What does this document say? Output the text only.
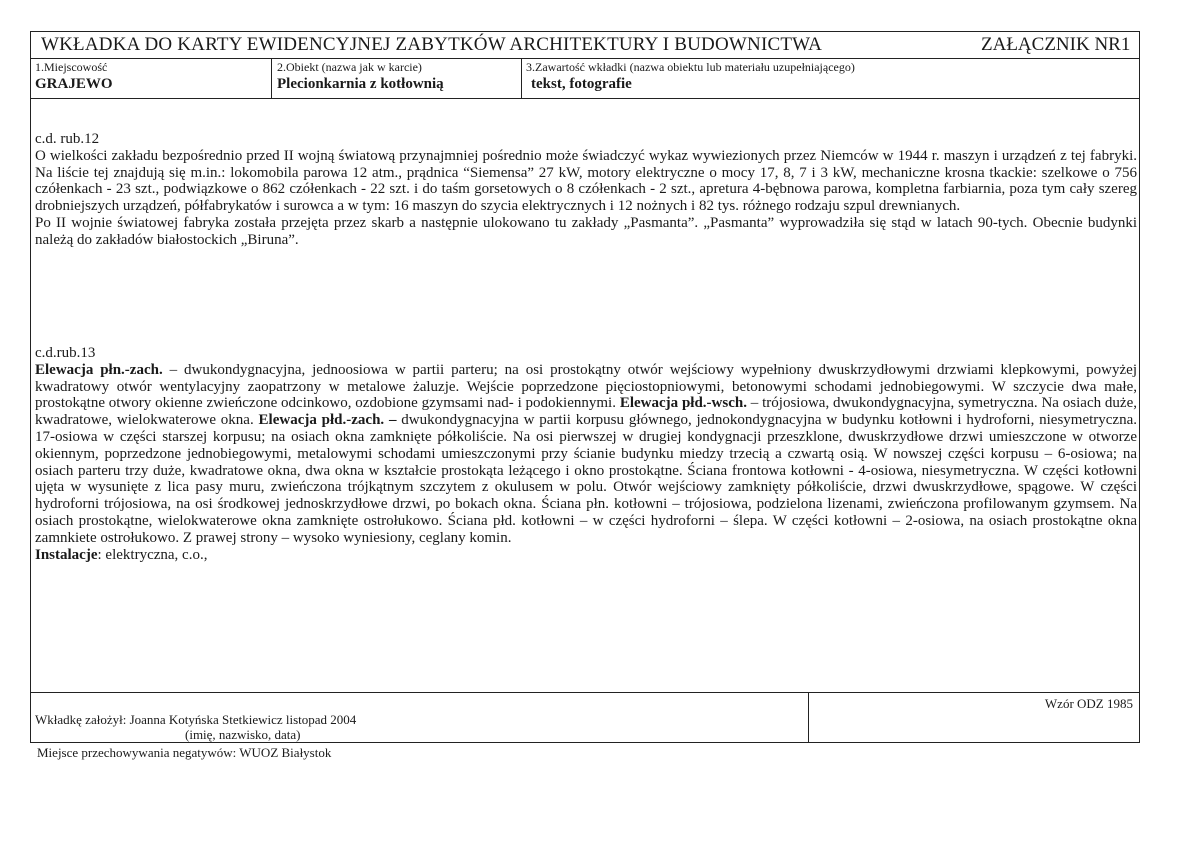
WKŁADKA DO KARTY EWIDENCYJNEJ ZABYTKÓW ARCHITEKTURY I BUDOWNICTWA	ZAŁĄCZNIK NR1
1.Miejscowość
GRAJEWO
2.Obiekt (nazwa jak w karcie)
Plecionkarnia z kotłownią
3.Zawartość wkładki (nazwa obiektu lub materiału uzupełniającego)
tekst, fotografie

c.d. rub.12

O wielkości zakładu bezpośrednio przed II wojną światową przynajmniej pośrednio może świadczyć wykaz wywiezionych przez Niemców w 1944 r. maszyn i urządzeń z tej fabryki. Na liście tej znajdują się m.in.: lokomobila parowa 12 atm., prądnica “Siemensa” 27 kW, motory elektryczne o mocy 17, 8, 7 i 3 kW, mechaniczne krosna tkackie: szelkowe o 756 czółenkach - 23 szt., podwiązkowe o 862 czółenkach - 22 szt. i do taśm gorsetowych o 8 czółenkach - 2 szt., apretura 4-bębnowa parowa, kompletna farbiarnia, poza tym cały szereg drobniejszych urządzeń, półfabrykatów i surowca a w tym: 16 maszyn do szycia elektrycznych i 12 nożnych i 82 tys. różnego rodzaju szpul drewnianych.

Po II wojnie światowej fabryka została przejęta przez skarb a następnie ulokowano tu zakłady „Pasmanta”. „Pasmanta” wyprowadziła się stąd w latach 90-tych. Obecnie budynki należą do zakładów białostockich „Biruna”.

c.d.rub.13

Elewacja płn.-zach. – dwukondygnacyjna, jednoosiowa w partii parteru; na osi prostokątny otwór wejściowy wypełniony dwuskrzydłowymi drzwiami klepkowymi, powyżej kwadratowy otwór wentylacyjny zaopatrzony w metalowe żaluzje. Wejście poprzedzone pięciostopniowymi, betonowymi schodami jednobiegowymi. W szczycie dwa małe, prostokątne otwory okienne zwieńczone odcinkowo, ozdobione gzymsami nad- i podokiennymi. Elewacja płd.-wsch. – trójosiowa, dwukondygnacyjna, symetryczna. Na osiach duże, kwadratowe, wielokwaterowe okna. Elewacja płd.-zach. – dwukondygnacyjna w partii korpusu głównego, jednokondygnacyjna w budynku kotłowni i hydroforni, niesymetryczna. 17-osiowa w części starszej korpusu; na osiach okna zamknięte półkoliście. Na osi pierwszej w drugiej kondygnacji przeszklone, dwuskrzydłowe drzwi umieszczone w otworze okiennym, poprzedzone jednobiegowymi, metalowymi schodami umieszczonymi przy ścianie budynku miedzy trzecią a czwartą osią. W nowszej części korpusu – 6-osiowa; na osiach parteru trzy duże, kwadratowe okna, dwa okna w kształcie prostokąta leżącego i okno prostokątne. Ściana frontowa kotłowni - 4-osiowa, niesymetryczna. W części kotłowni ujęta w wysunięte z lica pasy muru, zwieńczona trójkątnym szczytem z okulusem w polu. Otwór wejściowy zamknięty półkoliście, drzwi dwuskrzydłowe, spągowe. W części hydroforni trójosiowa, na osi środkowej jednoskrzydłowe drzwi, po bokach okna. Ściana płn. kotłowni – trójosiowa, podzielona lizenami, zwieńczona profilowanym gzymsem. Na osiach prostokątne, wielokwaterowe okna zamknięte ostrołukowo. Ściana płd. kotłowni – w części hydroforni – ślepa. W części kotłowni – 2-osiowa, na osiach prostokątne okna zamnkiete ostrołukowo. Z prawej strony – wysoko wyniesiony, ceglany komin.

Instalacje: elektryczna, c.o.,

Wzór ODZ 1985
Wkładkę założył: Joanna Kotyńska Stetkiewicz listopad 2004
(imię, nazwisko, data)
Miejsce przechowywania negatywów: WUOZ Białystok
